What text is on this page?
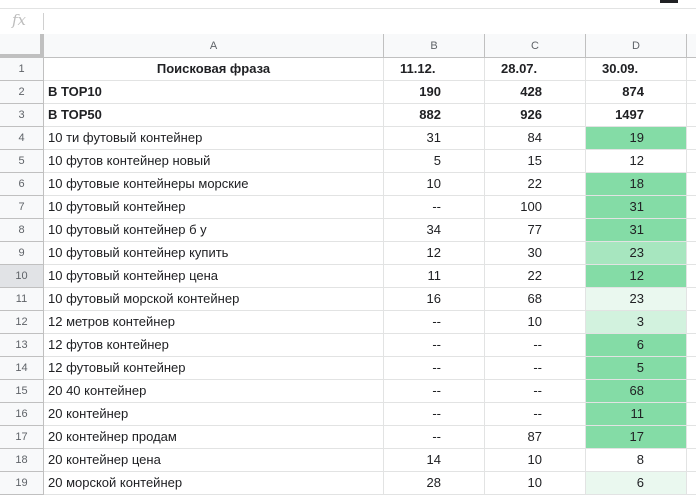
fx
A	B	C	D
1	Поисковая фраза	11.12.	28.07.	30.09.
2	В ТОР10	190	428	874
3	В ТОР50	882	926	1497
4	10 ти футовый контейнер	31	84	19
5	10 футов контейнер новый	5	15	12
6	10 футовые контейнеры морские	10	22	18
7	10 футовый контейнер	--	100	31
8	10 футовый контейнер б у	34	77	31
9	10 футовый контейнер купить	12	30	23
10	10 футовый контейнер цена	11	22	12
11	10 футовый морской контейнер	16	68	23
12	12 метров контейнер	--	10	3
13	12 футов контейнер	--	--	6
14	12 футовый контейнер	--	--	5
15	20 40 контейнер	--	--	68
16	20 контейнер	--	--	11
17	20 контейнер продам	--	87	17
18	20 контейнер цена	14	10	8
19	20 морской контейнер	28	10	6
